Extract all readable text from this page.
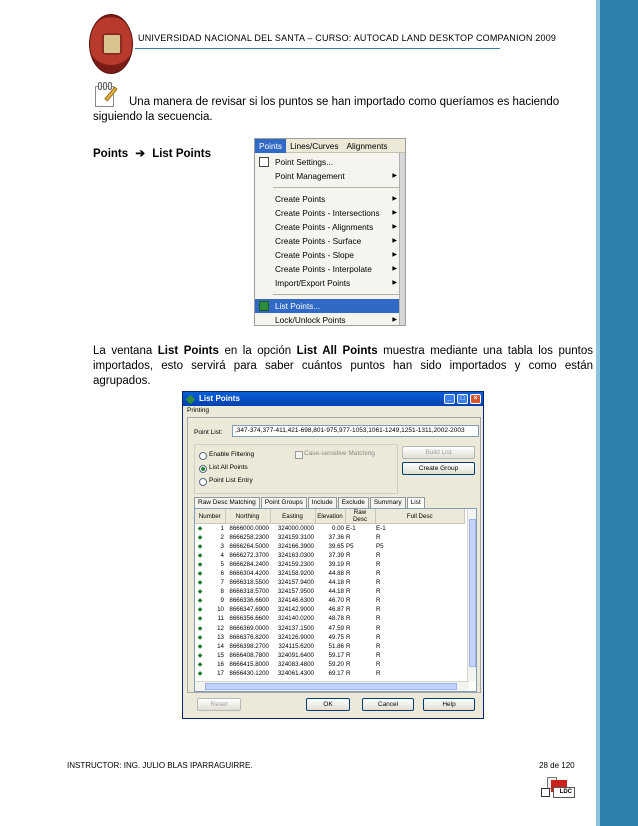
UNIVERSIDAD NACIONAL DEL SANTA – CURSO: AUTOCAD LAND DESKTOP COMPANION 2009
Una manera de revisar si los puntos se han importado como queríamos es haciendo
siguiendo la secuencia.
Points ➔ List Points
Points Lines/Curves Alignments
Point Settings...
Point Management	▶
Create Points	▶
Create Points - Intersections ▶
Create Points - Alignments	▶
Create Points - Surface	▶
Create Points - Slope	▶
Create Points - Interpolate	▶
Import/Export Points	▶
List Points...
Lock/Unlock Points	▶
La ventana List Points en la opción List All Points muestra mediante una tabla los puntos importados, esto servirá para saber cuántos puntos han sido importados y como están agrupados.
List Points	_	□	×
Printing
Point List:	,347-374,377-411,421-698,801-975,977-1053,1061-1249,1251-1311,2002-2003
Enable Filtering
List All Points
Point List Entry
Case-sensitive Matching	Build List
Create Group
Raw Desc Matching	Point Groups	Include	Exclude	Summary	List
Number		Northing	Easting	Elevation	Raw Desc	Full Desc
◆	1	8666000.0000	324000.0000	0.00	E-1	E-1
◆	2	8666258.2300	324159.3100	37.36	R	R
◆	3	8666264.5000	324166.3900	39.65	P5	P5
◆	4	8666272.3700	324163.0300	37.39	R	R
◆	5	8666284.2400	324159.2300	39.19	R	R
◆	6	8666304.4200	324158.9200	44.88	R	R
◆	7	8666318.5500	324157.9400	44.18	R	R
◆	8	8666318.5700	324157.9500	44.18	R	R
◆	9	8666336.6600	324146.6300	46.70	R	R
◆	10	8666347.6900	324142.9000	46.87	R	R
◆	11	8666356.6600	324140.0200	48.78	R	R
◆	12	8666369.0000	324137.1500	47.59	R	R
◆	13	8666376.8200	324126.9000	49.75	R	R
◆	14	8666398.2700	324115.6200	51.86	R	R
◆	15	8666408.7800	324091.6400	59.17	R	R
◆	16	8666415.8000	324083.4800	59.20	R	R
◆	17	8666430.1200	324061.4300	69.17	R	R
Reset	OK	Cancel	Help
INSTRUCTOR: ING. JULIO BLAS IPARRAGUIRRE.	28 de 120
LDC
